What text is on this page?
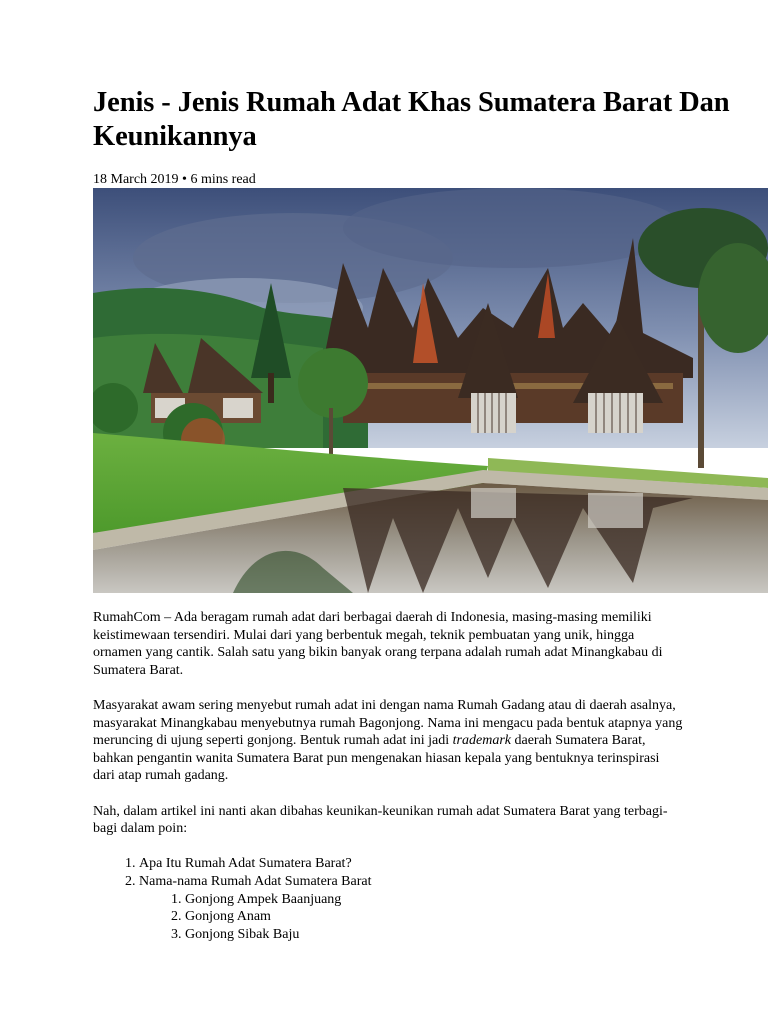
Jenis - Jenis Rumah Adat Khas Sumatera Barat Dan Keunikannya
18 March 2019 • 6 mins read

RumahCom – Ada beragam rumah adat dari berbagai daerah di Indonesia, masing-masing memiliki keistimewaan tersendiri. Mulai dari yang berbentuk megah, teknik pembuatan yang unik, hingga ornamen yang cantik. Salah satu yang bikin banyak orang terpana adalah rumah adat Minangkabau di Sumatera Barat.

Masyarakat awam sering menyebut rumah adat ini dengan nama Rumah Gadang atau di daerah asalnya, masyarakat Minangkabau menyebutnya rumah Bagonjong. Nama ini mengacu pada bentuk atapnya yang meruncing di ujung seperti gonjong. Bentuk rumah adat ini jadi trademark daerah Sumatera Barat, bahkan pengantin wanita Sumatera Barat pun mengenakan hiasan kepala yang bentuknya terinspirasi dari atap rumah gadang.

Nah, dalam artikel ini nanti akan dibahas keunikan-keunikan rumah adat Sumatera Barat yang terbagi-bagi dalam poin:

1. Apa Itu Rumah Adat Sumatera Barat?
2. Nama-nama Rumah Adat Sumatera Barat
1. Gonjong Ampek Baanjuang
2. Gonjong Anam
3. Gonjong Sibak Baju
